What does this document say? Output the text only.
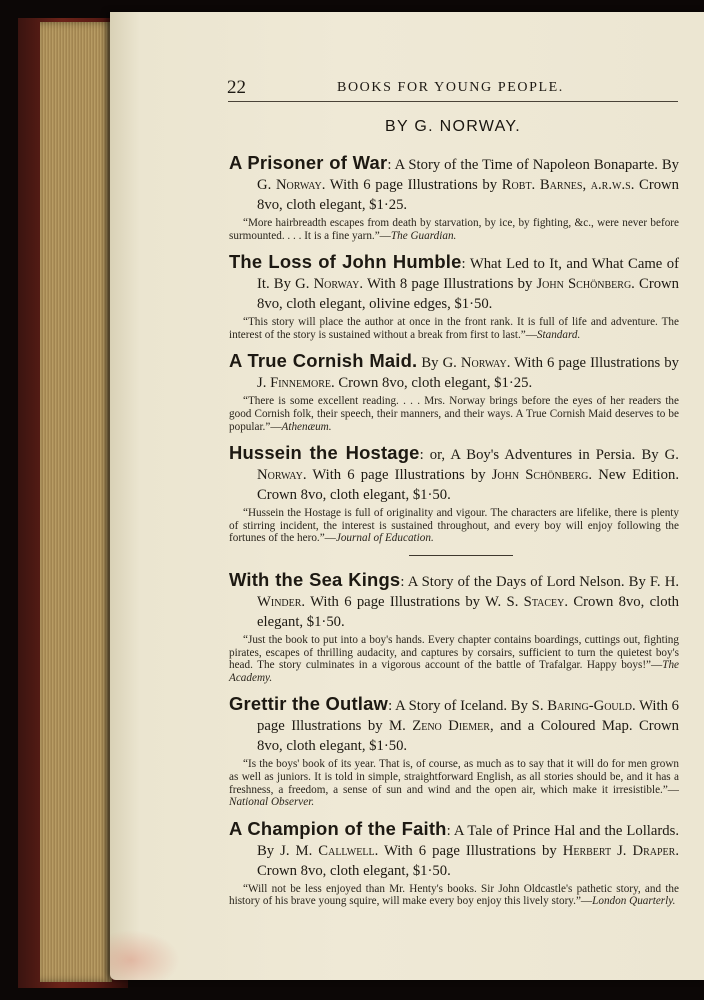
22	BOOKS FOR YOUNG PEOPLE.
BY G. NORWAY.

A Prisoner of War: A Story of the Time of Napoleon Bonaparte. By G. Norway. With 6 page Illustrations by Robt. Barnes, a.r.w.s. Crown 8vo, cloth elegant, $1·25.

“More hairbreadth escapes from death by starvation, by ice, by fighting, &c., were never before surmounted. . . . It is a fine yarn.”—The Guardian.

The Loss of John Humble: What Led to It, and What Came of It. By G. Norway. With 8 page Illustrations by John Schönberg. Crown 8vo, cloth elegant, olivine edges, $1·50.

“This story will place the author at once in the front rank. It is full of life and adventure. The interest of the story is sustained without a break from first to last.”—Standard.

A True Cornish Maid. By G. Norway. With 6 page Illustrations by J. Finnemore. Crown 8vo, cloth elegant, $1·25.

“There is some excellent reading. . . . Mrs. Norway brings before the eyes of her readers the good Cornish folk, their speech, their manners, and their ways. A True Cornish Maid deserves to be popular.”—Athenæum.

Hussein the Hostage: or, A Boy's Adventures in Persia. By G. Norway. With 6 page Illustrations by John Schönberg. New Edition. Crown 8vo, cloth elegant, $1·50.

“Hussein the Hostage is full of originality and vigour. The characters are lifelike, there is plenty of stirring incident, the interest is sustained throughout, and every boy will enjoy following the fortunes of the hero.”—Journal of Education.

With the Sea Kings: A Story of the Days of Lord Nelson. By F. H. Winder. With 6 page Illustrations by W. S. Stacey. Crown 8vo, cloth elegant, $1·50.

“Just the book to put into a boy's hands. Every chapter contains boardings, cuttings out, fighting pirates, escapes of thrilling audacity, and captures by corsairs, sufficient to turn the quietest boy's head. The story culminates in a vigorous account of the battle of Trafalgar. Happy boys!”—The Academy.

Grettir the Outlaw: A Story of Iceland. By S. Baring-Gould. With 6 page Illustrations by M. Zeno Diemer, and a Coloured Map. Crown 8vo, cloth elegant, $1·50.

“Is the boys' book of its year. That is, of course, as much as to say that it will do for men grown as well as juniors. It is told in simple, straightforward English, as all stories should be, and it has a freshness, a freedom, a sense of sun and wind and the open air, which make it irresistible.”—National Observer.

A Champion of the Faith: A Tale of Prince Hal and the Lollards. By J. M. Callwell. With 6 page Illustrations by Herbert J. Draper. Crown 8vo, cloth elegant, $1·50.

“Will not be less enjoyed than Mr. Henty's books. Sir John Oldcastle's pathetic story, and the history of his brave young squire, will make every boy enjoy this lively story.”—London Quarterly.
